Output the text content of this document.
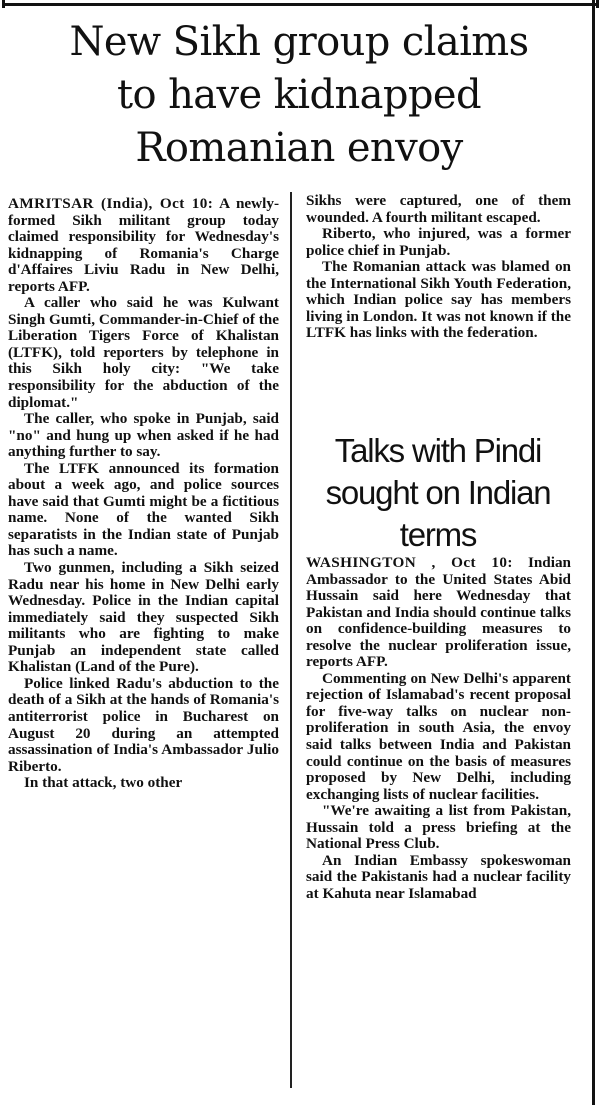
New Sikh group claims
to have kidnapped
Romanian envoy

AMRITSAR (India), Oct 10: A newly-formed Sikh militant group today claimed responsibility for Wednesday's kidnapping of Romania's Charge d'Affaires Liviu Radu in New Delhi, reports AFP.

A caller who said he was Kulwant Singh Gumti, Commander-in-Chief of the Liberation Tigers Force of Khalistan (LTFK), told reporters by telephone in this Sikh holy city: "We take responsibility for the abduction of the diplomat."

The caller, who spoke in Punjab, said "no" and hung up when asked if he had anything further to say.

The LTFK announced its formation about a week ago, and police sources have said that Gumti might be a fictitious name. None of the wanted Sikh separatists in the Indian state of Punjab has such a name.

Two gunmen, including a Sikh seized Radu near his home in New Delhi early Wednesday. Police in the Indian capital immediately said they suspected Sikh militants who are fighting to make Punjab an independent state called Khalistan (Land of the Pure).

Police linked Radu's abduction to the death of a Sikh at the hands of Romania's antiterrorist police in Bucharest on August 20 during an attempted assassination of India's Ambassador Julio Riberto.

In that attack, two other

Sikhs were captured, one of them wounded. A fourth militant escaped.

Riberto, who injured, was a former police chief in Punjab.

The Romanian attack was blamed on the International Sikh Youth Federation, which Indian police say has members living in London. It was not known if the LTFK has links with the federation.

Talks with Pindi
sought on Indian
terms

WASHINGTON , Oct 10: Indian Ambassador to the United States Abid Hussain said here Wednesday that Pakistan and India should continue talks on confidence-building measures to resolve the nuclear proliferation issue, reports AFP.

Commenting on New Delhi's apparent rejection of Islamabad's recent proposal for five-way talks on nuclear non-proliferation in south Asia, the envoy said talks between India and Pakistan could continue on the basis of measures proposed by New Delhi, including exchanging lists of nuclear facilities.

"We're awaiting a list from Pakistan, Hussain told a press briefing at the National Press Club.

An Indian Embassy spokeswoman said the Pakistanis had a nuclear facility at Kahuta near Islamabad
